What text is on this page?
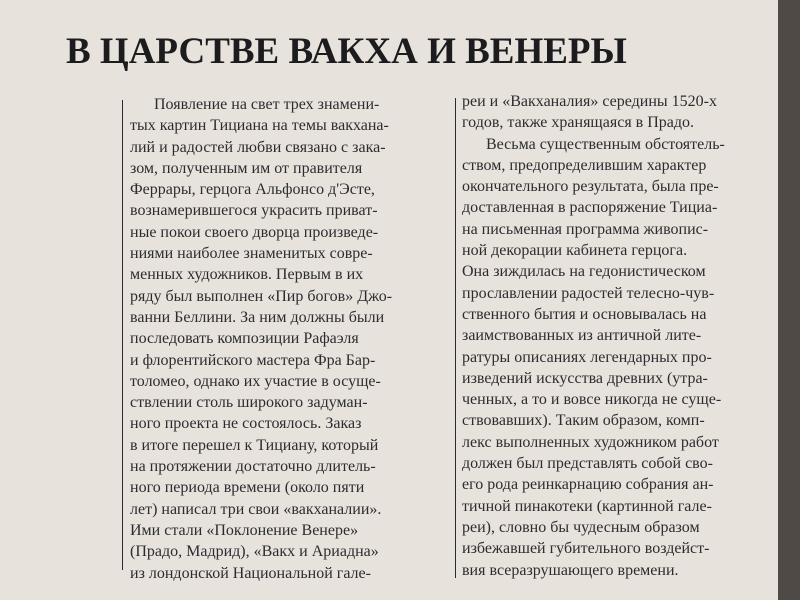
В ЦАРСТВЕ ВАКХА И ВЕНЕРЫ
Появление на свет трех знамени-
тых картин Тициана на темы вакханa-
лий и радостей любви связано с зака-
зом, полученным им от правителя
Феррары, герцога Альфонсо д'Эсте,
вознамерившегося украсить приват-
ные покои своего дворца произведе-
ниями наиболее знаменитых совре-
менных художников. Первым в их
ряду был выполнен «Пир богов» Джо-
ванни Беллини. За ним должны были
последовать композиции Рафаэля
и флорентийского мастера Фра Бар-
толомео, однако их участие в осуще-
ствлении столь широкого задуман-
ного проекта не состоялось. Заказ
в итоге перешел к Тициану, который
на протяжении достаточно длитель-
ного периода времени (около пяти
лет) написал три свои «вакханалии».
Ими стали «Поклонение Венере»
(Прадо, Мадрид), «Вакх и Ариадна»
из лондонской Национальной гале-
реи и «Вакханалия» середины 1520-х
годов, также хранящаяся в Прадо.
Весьма существенным обстоятель-
ством, предопределившим характер
окончательного результата, была пре-
доставленная в распоряжение Тициа-
на письменная программа живопис-
ной декорации кабинета герцога.
Она зиждилась на гедонистическом
прославлении радостей телесно-чув-
ственного бытия и основывалась на
заимствованных из античной лите-
ратуры описаниях легендарных про-
изведений искусства древних (утра-
ченных, а то и вовсе никогда не суще-
ствовавших). Таким образом, комп-
лекс выполненных художником работ
должен был представлять собой сво-
его рода реинкарнацию собрания ан-
тичной пинакотеки (картинной гале-
реи), словно бы чудесным образом
избежавшей губительного воздейст-
вия всеразрушающего времени.
